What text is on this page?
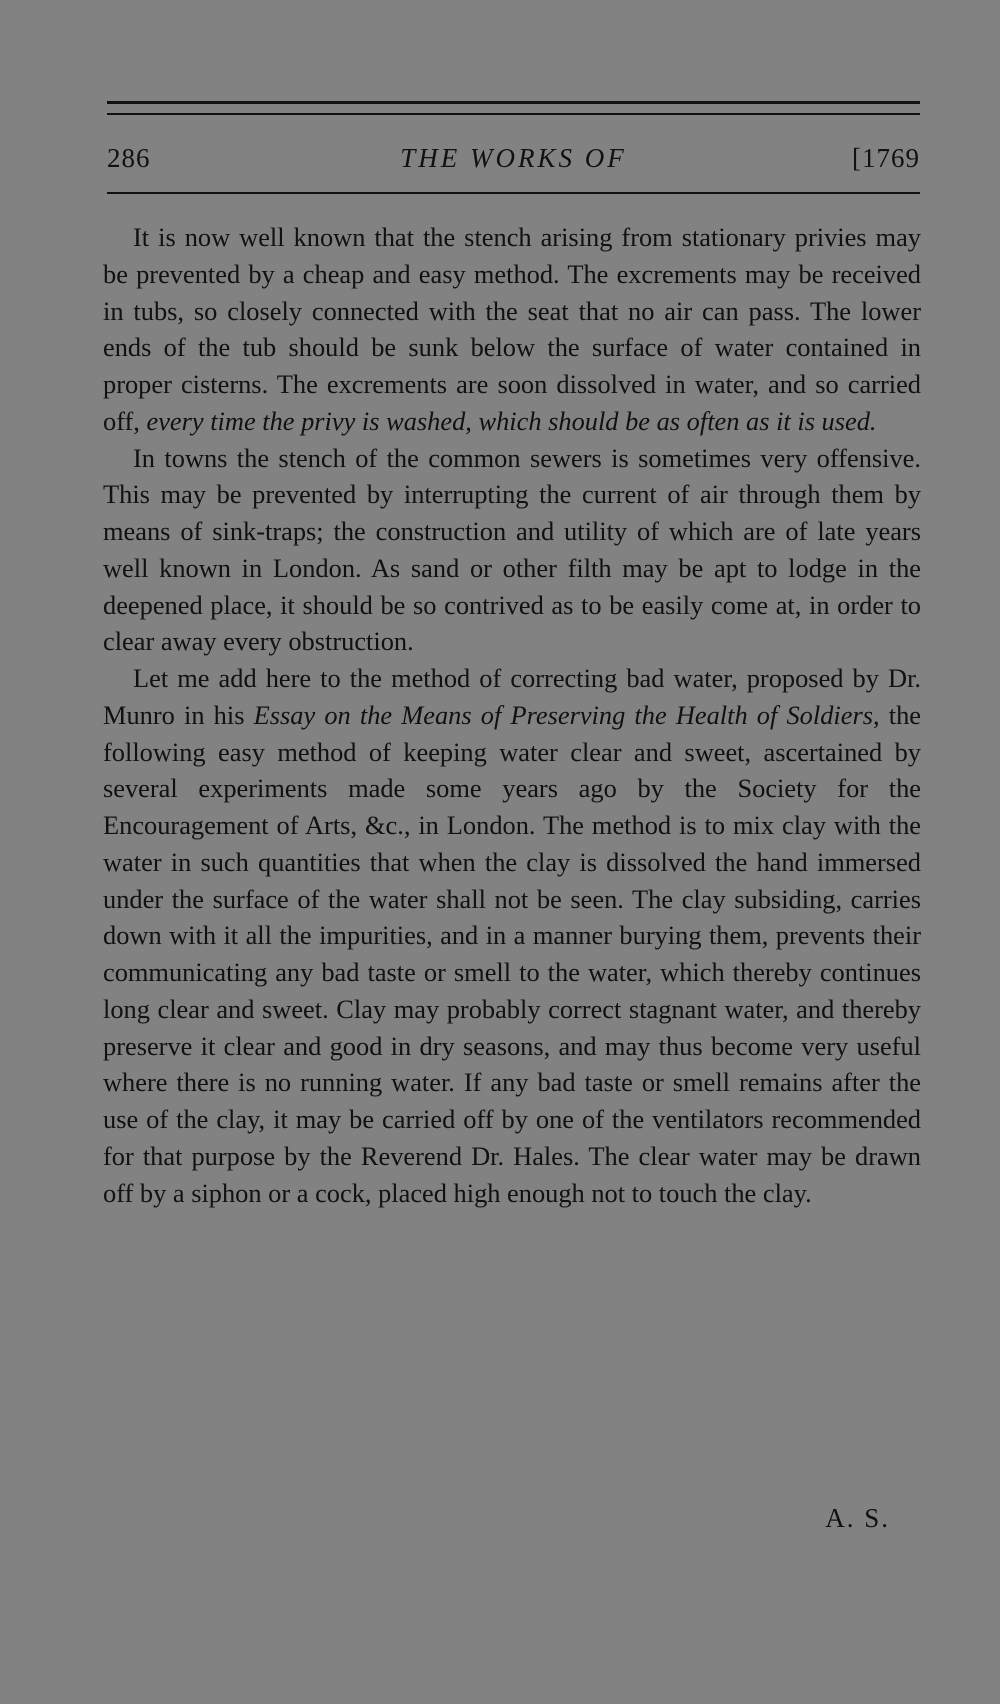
286	THE WORKS OF	[1769

It is now well known that the stench arising from stationary privies may be prevented by a cheap and easy method. The excrements may be received in tubs, so closely connected with the seat that no air can pass. The lower ends of the tub should be sunk below the surface of water contained in proper cisterns. The excrements are soon dissolved in water, and so carried off, every time the privy is washed, which should be as often as it is used.

In towns the stench of the common sewers is sometimes very offensive. This may be prevented by interrupting the current of air through them by means of sink-traps; the construction and utility of which are of late years well known in London. As sand or other filth may be apt to lodge in the deepened place, it should be so contrived as to be easily come at, in order to clear away every obstruction.

Let me add here to the method of correcting bad water, proposed by Dr. Munro in his Essay on the Means of Preserving the Health of Soldiers, the following easy method of keeping water clear and sweet, ascertained by several experiments made some years ago by the Society for the Encouragement of Arts, &c., in London. The method is to mix clay with the water in such quantities that when the clay is dissolved the hand immersed under the surface of the water shall not be seen. The clay subsiding, carries down with it all the impurities, and in a manner burying them, prevents their communicating any bad taste or smell to the water, which thereby continues long clear and sweet. Clay may probably correct stagnant water, and thereby preserve it clear and good in dry seasons, and may thus become very useful where there is no running water. If any bad taste or smell remains after the use of the clay, it may be carried off by one of the ventilators recommended for that purpose by the Reverend Dr. Hales. The clear water may be drawn off by a siphon or a cock, placed high enough not to touch the clay.

A. S.
